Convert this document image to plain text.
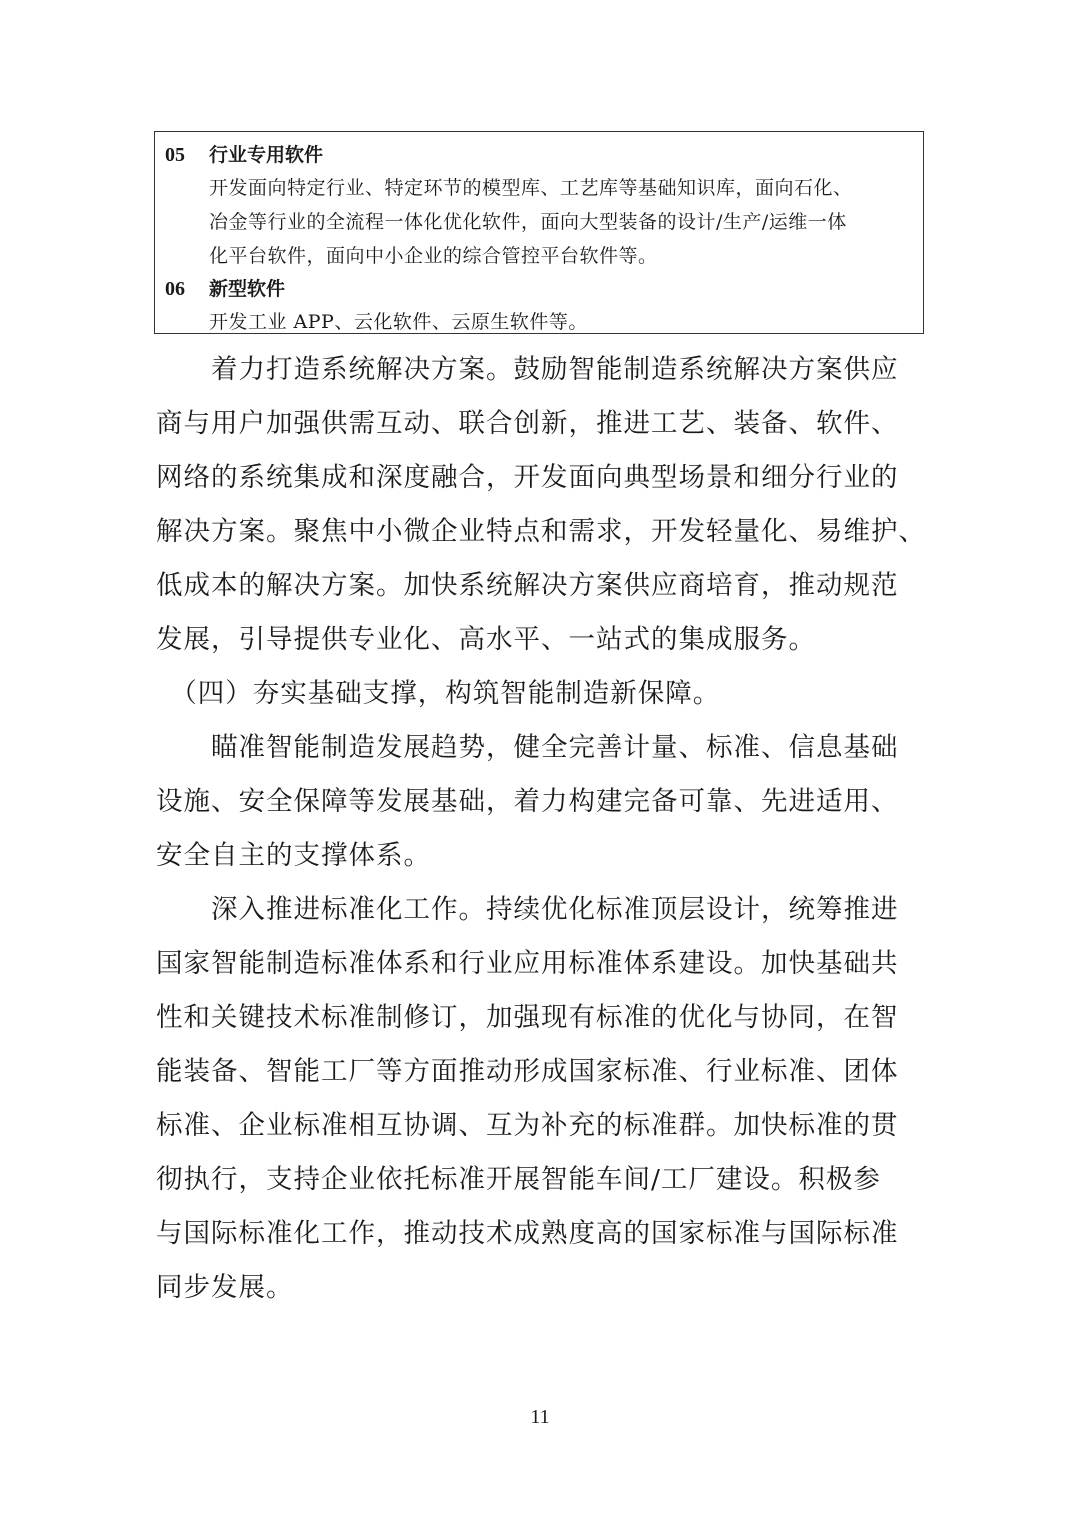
05 行业专用软件
开发面向特定行业、特定环节的模型库、工艺库等基础知识库，面向石化、
冶金等行业的全流程一体化优化软件，面向大型装备的设计/生产/运维一体
化平台软件，面向中小企业的综合管控平台软件等。
06 新型软件
开发工业 APP、云化软件、云原生软件等。
　　着力打造系统解决方案。鼓励智能制造系统解决方案供应
商与用户加强供需互动、联合创新，推进工艺、装备、软件、
网络的系统集成和深度融合，开发面向典型场景和细分行业的
解决方案。聚焦中小微企业特点和需求，开发轻量化、易维护、
低成本的解决方案。加快系统解决方案供应商培育，推动规范
发展，引导提供专业化、高水平、一站式的集成服务。
　（四）夯实基础支撑，构筑智能制造新保障。
　　瞄准智能制造发展趋势，健全完善计量、标准、信息基础
设施、安全保障等发展基础，着力构建完备可靠、先进适用、
安全自主的支撑体系。
　　深入推进标准化工作。持续优化标准顶层设计，统筹推进
国家智能制造标准体系和行业应用标准体系建设。加快基础共
性和关键技术标准制修订，加强现有标准的优化与协同，在智
能装备、智能工厂等方面推动形成国家标准、行业标准、团体
标准、企业标准相互协调、互为补充的标准群。加快标准的贯
彻执行，支持企业依托标准开展智能车间/工厂建设。积极参
与国际标准化工作，推动技术成熟度高的国家标准与国际标准
同步发展。
11
